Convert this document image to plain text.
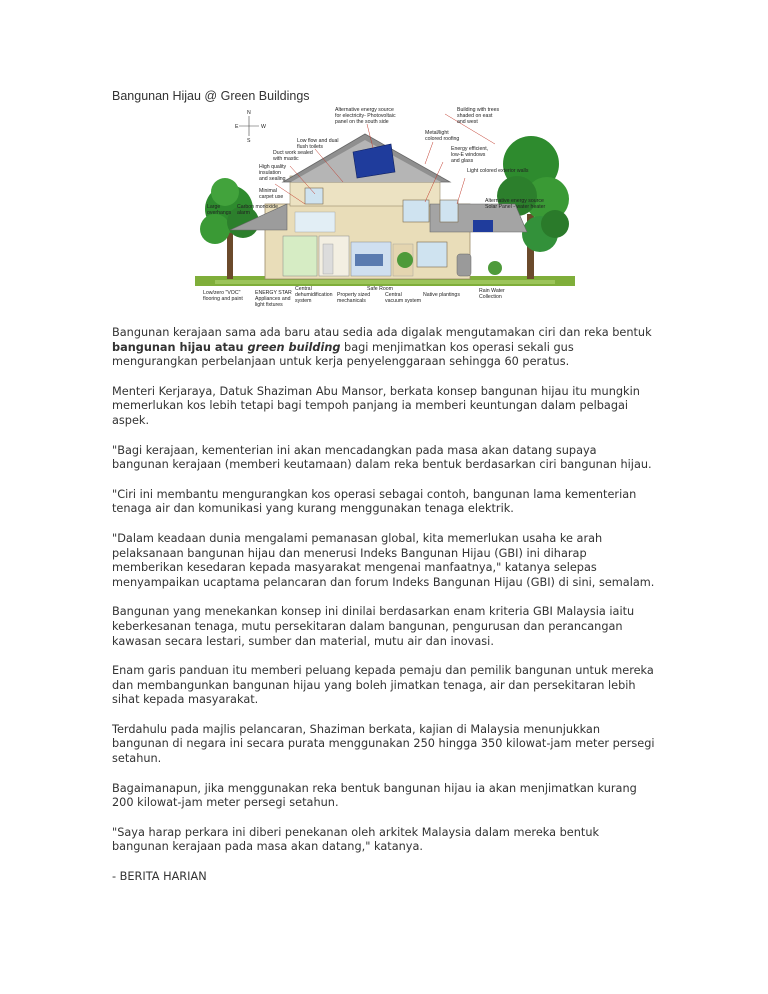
Bangunan Hijau @ Green Buildings
N
E	W
S
Alternative energy source
for electricity- Photovoltaic
panel on the south side
Building with trees
shaded on east
and west
Low flow and dual
flush toilets
Metal/light
colored roofing
Duct work sealed
with mastic
Energy efficient,
low-E windows
and glass
High quality
insulation
and sealing
Light colored exterior walls
Minimal
carpet use
Large
overhangs
Carbon monoxide
alarm
Alternative energy source
Solar Panel - water heater
Low/zero "VOC"
flooring and paint
ENERGY STAR
Appliances and
light fixtures
Central
dehumidification
system
Property sized
mechanicals
Safe Room
Central
vacuum system
Native plantings
Rain Water
Collection

Bangunan kerajaan sama ada baru atau sedia ada digalak mengutamakan ciri dan reka bentuk bangunan hijau atau green building bagi menjimatkan kos operasi sekali gus mengurangkan perbelanjaan untuk kerja penyelenggaraan sehingga 60 peratus.

Menteri Kerjaraya, Datuk Shaziman Abu Mansor, berkata konsep bangunan hijau itu mungkin memerlukan kos lebih tetapi bagi tempoh panjang ia memberi keuntungan dalam pelbagai aspek.

"Bagi kerajaan, kementerian ini akan mencadangkan pada masa akan datang supaya bangunan kerajaan (memberi keutamaan) dalam reka bentuk berdasarkan ciri bangunan hijau.

"Ciri ini membantu mengurangkan kos operasi sebagai contoh, bangunan lama kementerian tenaga air dan komunikasi yang kurang menggunakan tenaga elektrik.

"Dalam keadaan dunia mengalami pemanasan global, kita memerlukan usaha ke arah pelaksanaan bangunan hijau dan menerusi Indeks Bangunan Hijau (GBI) ini diharap memberikan kesedaran kepada masyarakat mengenai manfaatnya," katanya selepas menyampaikan ucaptama pelancaran dan forum Indeks Bangunan Hijau (GBI) di sini, semalam.

Bangunan yang menekankan konsep ini dinilai berdasarkan enam kriteria GBI Malaysia iaitu keberkesanan tenaga, mutu persekitaran dalam bangunan, pengurusan dan perancangan kawasan secara lestari, sumber dan material, mutu air dan inovasi.

Enam garis panduan itu memberi peluang kepada pemaju dan pemilik bangunan untuk mereka dan membangunkan bangunan hijau yang boleh jimatkan tenaga, air dan persekitaran lebih sihat kepada masyarakat.

Terdahulu pada majlis pelancaran, Shaziman berkata, kajian di Malaysia menunjukkan bangunan di negara ini secara purata menggunakan 250 hingga 350 kilowat-jam meter persegi setahun.

Bagaimanapun, jika menggunakan reka bentuk bangunan hijau ia akan menjimatkan kurang 200 kilowat-jam meter persegi setahun.

"Saya harap perkara ini diberi penekanan oleh arkitek Malaysia dalam mereka bentuk bangunan kerajaan pada masa akan datang," katanya.

- BERITA HARIAN
